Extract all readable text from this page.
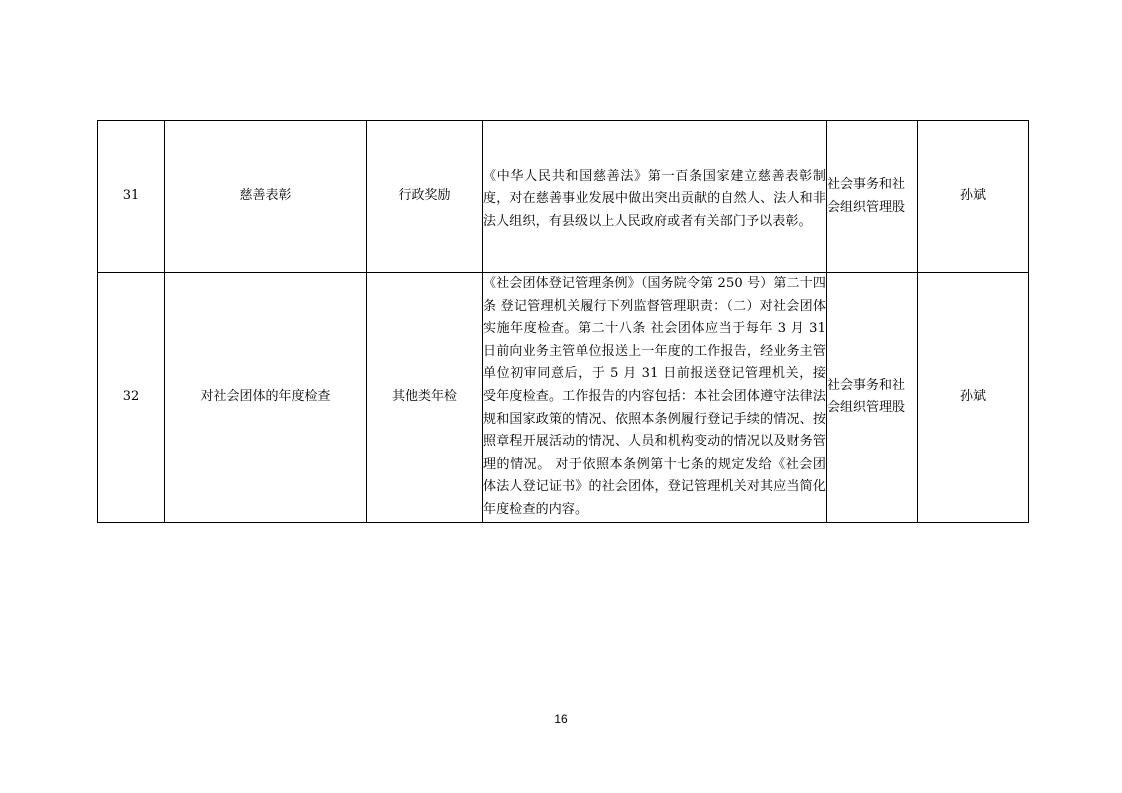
31	慈善表彰	行政奖励	《中华人民共和国慈善法》第一百条国家建立慈善表彰制度，对在慈善事业发展中做出突出贡献的自然人、法人和非法人组织，有县级以上人民政府或者有关部门予以表彰。	社会事务和社会组织管理股	孙斌
32	对社会团体的年度检查	其他类年检	《社会团体登记管理条例》（国务院令第 250 号）第二十四条 登记管理机关履行下列监督管理职责：（二）对社会团体实施年度检查。第二十八条 社会团体应当于每年 3 月 31 日前向业务主管单位报送上一年度的工作报告，经业务主管单位初审同意后，于 5 月 31 日前报送登记管理机关，接受年度检查。工作报告的内容包括：本社会团体遵守法律法规和国家政策的情况、依照本条例履行登记手续的情况、按照章程开展活动的情况、人员和机构变动的情况以及财务管理的情况。 对于依照本条例第十七条的规定发给《社会团体法人登记证书》的社会团体，登记管理机关对其应当简化年度检查的内容。	社会事务和社会组织管理股	孙斌
16
